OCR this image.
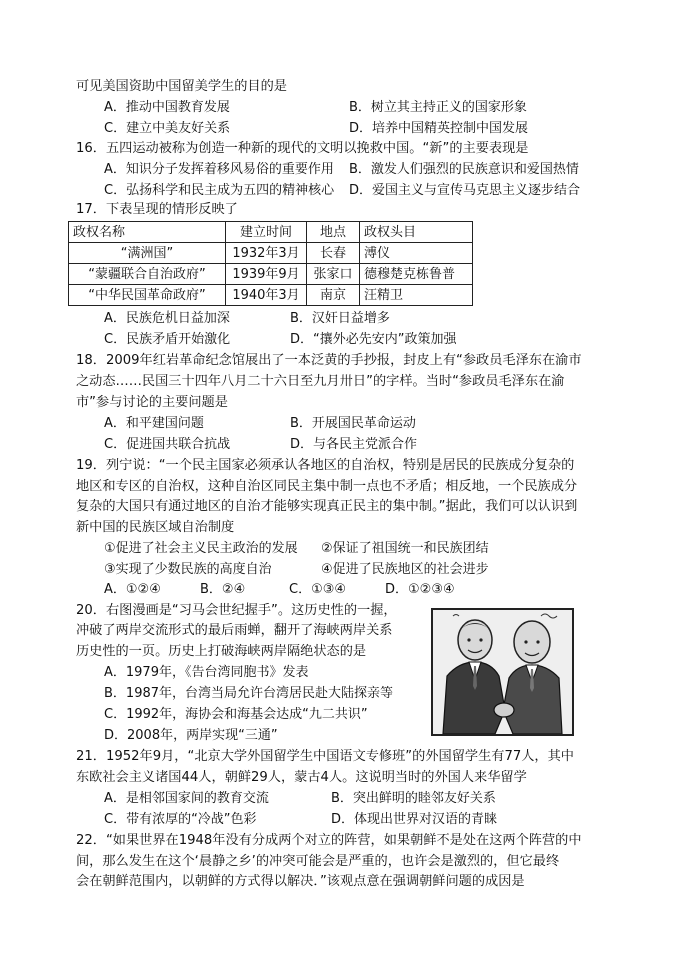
可见美国资助中国留美学生的目的是
A．推动中国教育发展	B．树立其主持正义的国家形象
C．建立中美友好关系	D．培养中国精英控制中国发展
16．五四运动被称为创造一种新的现代的文明以挽救中国。“新”的主要表现是
A．知识分子发挥着移风易俗的重要作用 B．激发人们强烈的民族意识和爱国热情
C．弘扬科学和民主成为五四的精神核心 D．爱国主义与宣传马克思主义逐步结合
17．下表呈现的情形反映了
政权名称	建立时间	地点	政权头目
“满洲国”	1932年3月	长春	溥仪
“蒙疆联合自治政府”	1939年9月	张家口	德穆楚克栋鲁普
“中华民国革命政府”	1940年3月	南京	汪精卫
A．民族危机日益加深	B．汉奸日益增多
C．民族矛盾开始激化	D．“攘外必先安内”政策加强
18．2009年红岩革命纪念馆展出了一本泛黄的手抄报，封皮上有“参政员毛泽东在渝市
之动态……民国三十四年八月二十六日至九月卅日”的字样。当时“参政员毛泽东在渝
市”参与讨论的主要问题是
A．和平建国问题	B．开展国民革命运动
C．促进国共联合抗战	D．与各民主党派合作
19．列宁说：“一个民主国家必须承认各地区的自治权，特别是居民的民族成分复杂的
地区和专区的自治权，这种自治区同民主集中制一点也不矛盾；相反地，一个民族成分
复杂的大国只有通过地区的自治才能够实现真正民主的集中制。”据此，我们可以认识到
新中国的民族区域自治制度
①促进了社会主义民主政治的发展 ②保证了祖国统一和民族团结
③实现了少数民族的高度自治	④促进了民族地区的社会进步
A．①②④	B．②④	C．①③④	D．①②③④
20．右图漫画是“习马会世纪握手”。这历史性的一握，
冲破了两岸交流形式的最后雨蝉，翻开了海峡两岸关系
历史性的一页。历史上打破海峡两岸隔绝状态的是
A．1979年，《告台湾同胞书》发表
B．1987年，台湾当局允许台湾居民赴大陆探亲等
C．1992年，海协会和海基会达成“九二共识”
D．2008年，两岸实现“三通”
21．1952年9月，“北京大学外国留学生中国语文专修班”的外国留学生有77人，其中
东欧社会主义诸国44人，朝鲜29人，蒙古4人。这说明当时的外国人来华留学
A．是相邻国家间的教育交流	B．突出鲜明的睦邻友好关系
C．带有浓厚的“冷战”色彩	D．体现出世界对汉语的青睐
22．“如果世界在1948年没有分成两个对立的阵营，如果朝鲜不是处在这两个阵营的中
间，那么发生在这个‘晨静之乡’的冲突可能会是严重的，也许会是激烈的，但它最终
会在朝鲜范围内，以朝鲜的方式得以解决．”该观点意在强调朝鲜问题的成因是
